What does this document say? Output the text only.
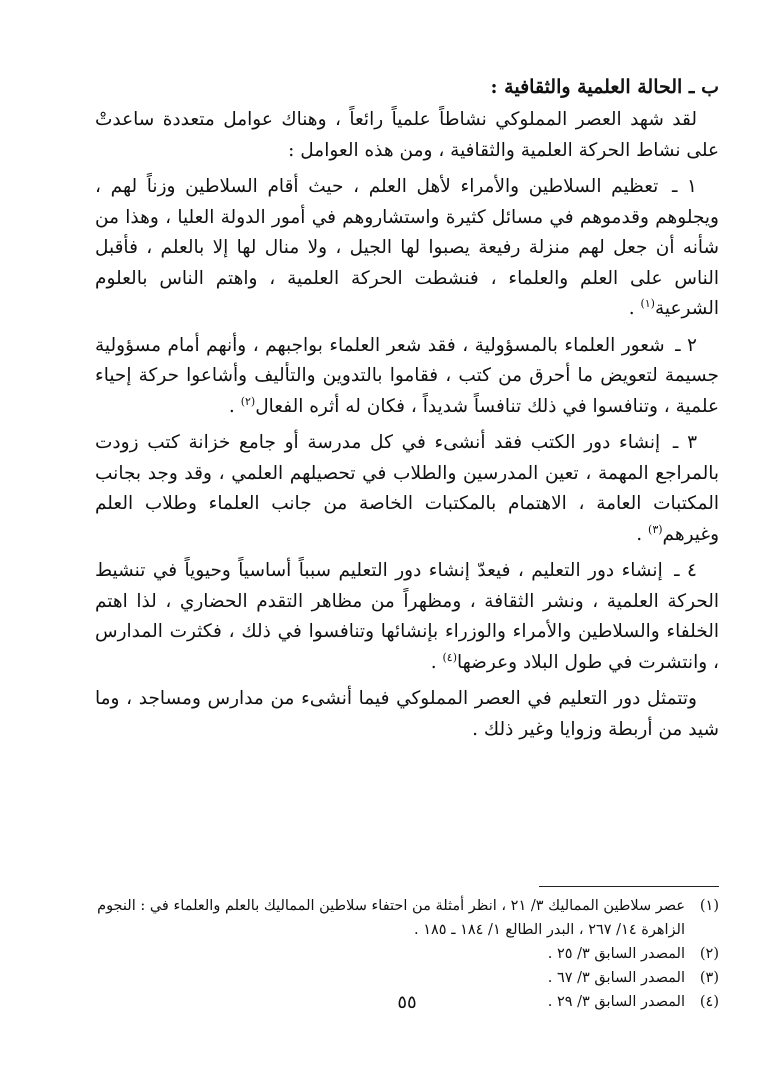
ب ـ الحالة العلمية والثقافية :

لقد شهد العصر المملوكي نشاطاً علمياً رائعاً ، وهناك عوامل متعددة ساعدتْ على نشاط الحركة العلمية والثقافية ، ومن هذه العوامل :

١ ـ تعظيم السلاطين والأمراء لأهل العلم ، حيث أقام السلاطين وزناً لهم ، ويجلوهم وقدموهم في مسائل كثيرة واستشاروهم في أمور الدولة العليا ، وهذا من شأنه أن جعل لهم منزلة رفيعة يصبوا لها الجيل ، ولا منال لها إلا بالعلم ، فأقبل الناس على العلم والعلماء ، فنشطت الحركة العلمية ، واهتم الناس بالعلوم الشرعية$^{(١)}$ .

٢ ـ شعور العلماء بالمسؤولية ، فقد شعر العلماء بواجبهم ، وأنهم أمام مسؤولية جسيمة لتعويض ما أحرق من كتب ، فقاموا بالتدوين والتأليف وأشاعوا حركة إحياء علمية ، وتنافسوا في ذلك تنافساً شديداً ، فكان له أثره الفعال$^{(٢)}$ .

٣ ـ إنشاء دور الكتب فقد أنشىء في كل مدرسة أو جامع خزانة كتب زودت بالمراجع المهمة ، تعين المدرسين والطلاب في تحصيلهم العلمي ، وقد وجد بجانب المكتبات العامة ، الاهتمام بالمكتبات الخاصة من جانب العلماء وطلاب العلم وغيرهم$^{(٣)}$ .

٤ ـ إنشاء دور التعليم ، فيعدّ إنشاء دور التعليم سبباً أساسياً وحيوياً في تنشيط الحركة العلمية ، ونشر الثقافة ، ومظهراً من مظاهر التقدم الحضاري ، لذا اهتم الخلفاء والسلاطين والأمراء والوزراء بإنشائها وتنافسوا في ذلك ، فكثرت المدارس ، وانتشرت في طول البلاد وعرضها$^{(٤)}$ .

وتتمثل دور التعليم في العصر المملوكي فيما أنشىء من مدارس ومساجد ، وما شيد من أربطة وزوايا وغير ذلك .

(١)
عصر سلاطين المماليك ٣/ ٢١ ، انظر أمثلة من احتفاء سلاطين المماليك بالعلم والعلماء في : النجوم الزاهرة ١٤/ ٢٦٧ ، البدر الطالع ١/ ١٨٤ ـ ١٨٥ .
(٢)
المصدر السابق ٣/ ٢٥ .
(٣)
المصدر السابق ٣/ ٦٧ .
(٤)
المصدر السابق ٣/ ٢٩ .
٥٥
